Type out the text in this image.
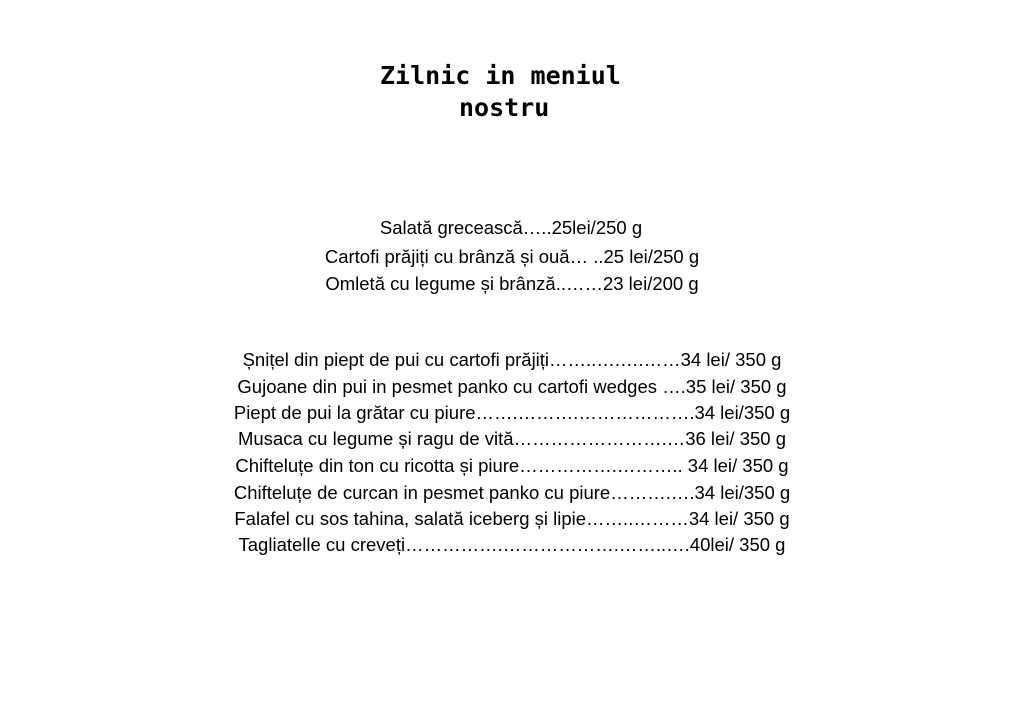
Zilnic in meniul
nostru
Salată grecească…..25lei/250 g
Cartofi prăjiți cu brânză și ouă… ..25 lei/250 g
Omletă cu legume și brânză..……23 lei/200 g
Șnițel din piept de pui cu cartofi prăjiți……..….….……34 lei/ 350 g
Gujoane din pui in pesmet panko cu cartofi wedges ….35 lei/ 350 g
Piept de pui la grătar cu piure…….……….……………….34 lei/350 g
Musaca cu legume și ragu de vită…………………….…36 lei/ 350 g
Chifteluțe din ton cu ricotta și piure…………….……….. 34 lei/ 350 g
Chifteluțe de curcan in pesmet panko cu piure……….….34 lei/350 g
Falafel cu sos tahina, salată iceberg și lipie……..………34 lei/ 350 g
Tagliatelle cu creveți…………….……………….……..….40lei/ 350 g
